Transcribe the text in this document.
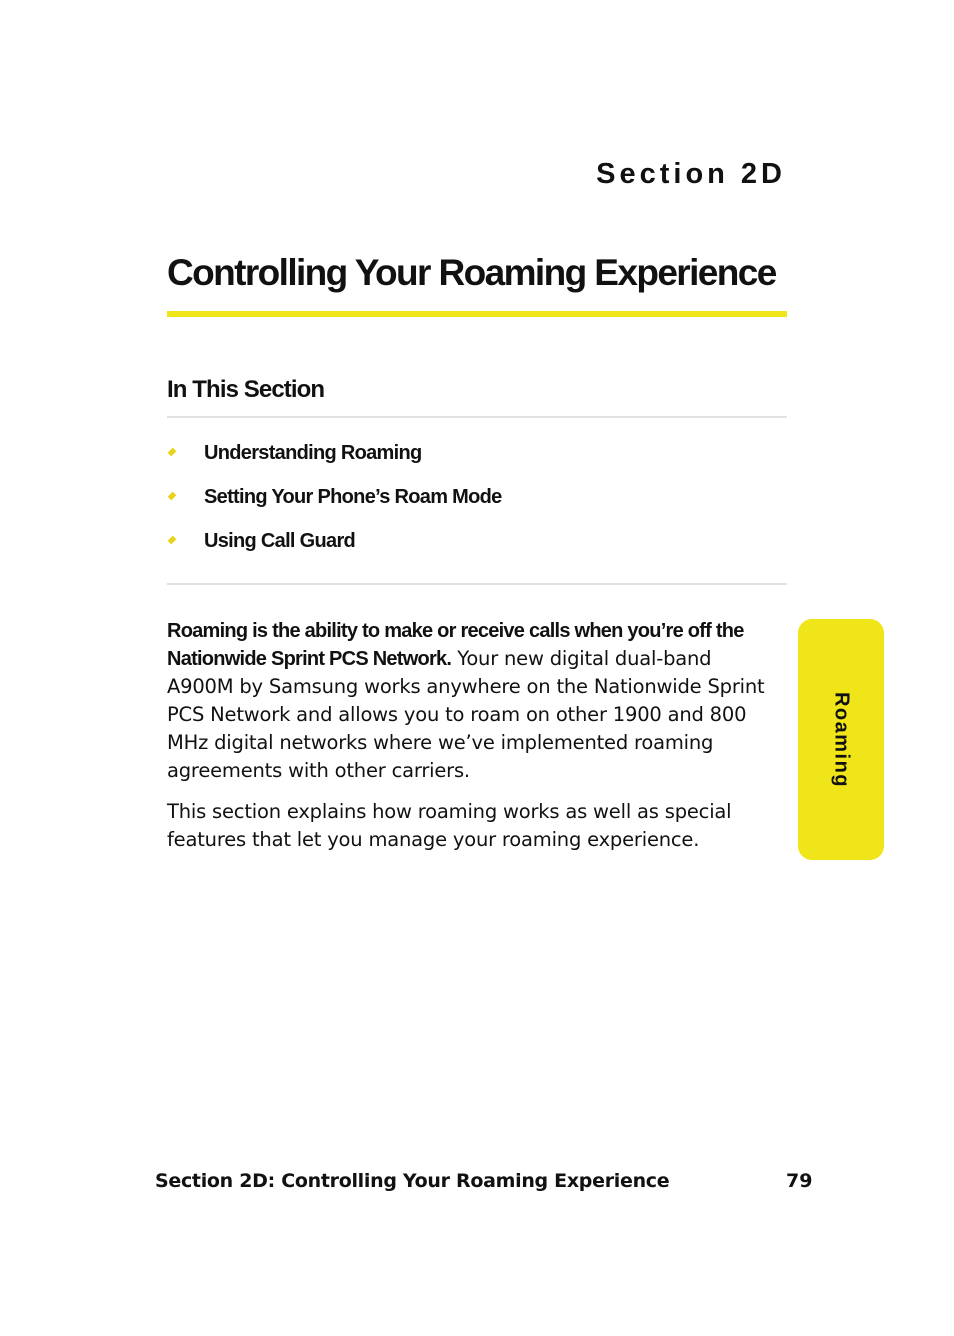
Section 2D
Controlling Your Roaming Experience
In This Section
Understanding Roaming
Setting Your Phone’s Roam Mode
Using Call Guard

Roaming is the ability to make or receive calls when you’re off the Nationwide Sprint PCS Network. Your new digital dual-band A900M by Samsung works anywhere on the Nationwide Sprint PCS Network and allows you to roam on other 1900 and 800 MHz digital networks where we’ve implemented roaming agreements with other carriers.

This section explains how roaming works as well as special features that let you manage your roaming experience.

Roaming
Section 2D: Controlling Your Roaming Experience	79
